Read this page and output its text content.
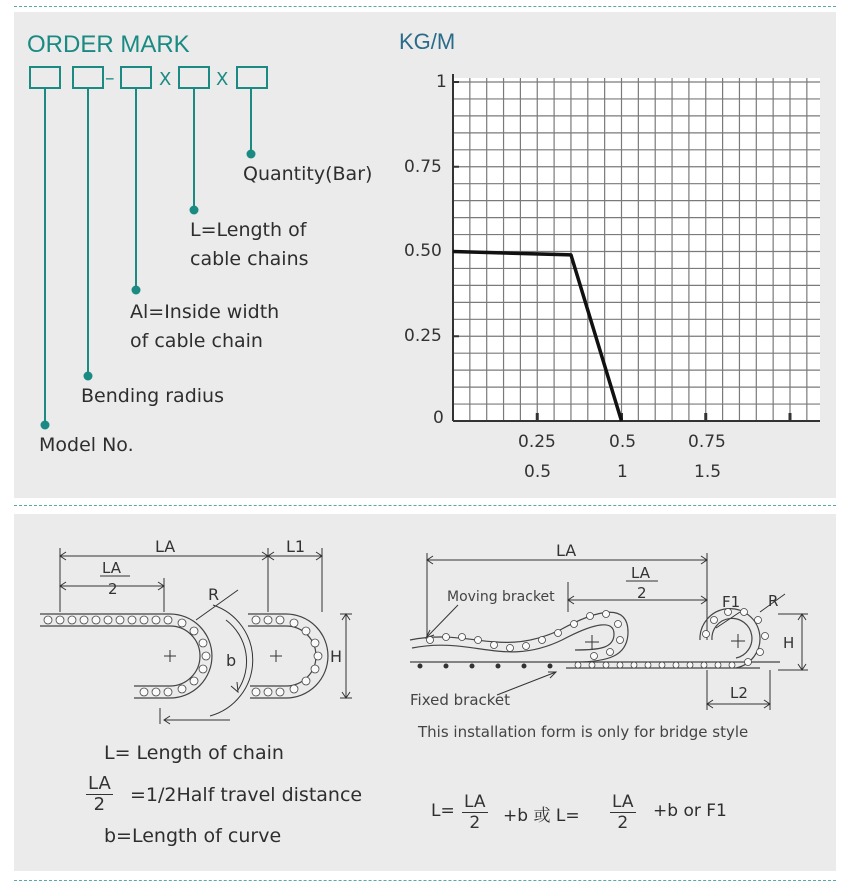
ORDER MARK
– X X
Quantity(Bar)
L=Length of
cable chains
Al=Inside width
of cable chain
Bending radius
Model No.
KG/M
1
0.75
0.50
0.25
0
0.25	0.5	0.75
0.5	1	1.5
LA	L1
LA
2	R
b	H
LA
LA
2	F1 R
H
L2
Moving bracket
Fixed bracket
This installation form is only for bridge style
L= Length of chain
$\frac{LA}{2}$ =1/2Half travel distance
b=Length of curve
$L= \frac{LA}{2} +b$ 或 $L= \frac{LA}{2} +b$ or F1
